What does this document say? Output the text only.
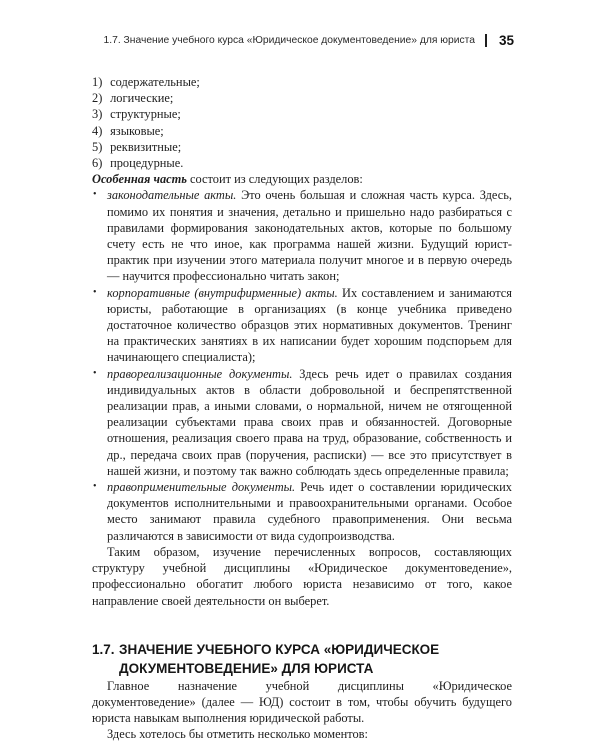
1.7. Значение учебного курса «Юридическое документоведение» для юриста 35
1) содержательные;
2) логические;
3) структурные;
4) языковые;
5) реквизитные;
6) процедурные.

Особенная часть состоит из следующих разделов:

• законодательные акты. Это очень большая и сложная часть курса. Здесь, помимо их понятия и значения, детально и пришельно надо разбираться с правилами формирования законодательных актов, которые по большому счету есть не что иное, как программа нашей жизни. Будущий юрист-практик при изучении этого материала получит многое и в первую очередь — научится профессионально читать закон;
• корпоративные (внутрифирменные) акты. Их составлением и занимаются юристы, работающие в организациях (в конце учебника приведено достаточное количество образцов этих нормативных документов. Тренинг на практических занятиях в их написании будет хорошим подспорьем для начинающего специалиста);
• правореализационные документы. Здесь речь идет о правилах создания индивидуальных актов в области добровольной и беспрепятственной реализации прав, а иными словами, о нормальной, ничем не отягощенной реализации субъектами права своих прав и обязанностей. Договорные отношения, реализация своего права на труд, образование, собственность и др., передача своих прав (поручения, расписки) — все это присутствует в нашей жизни, и поэтому так важно соблюдать здесь определенные правила;
• правоприменительные документы. Речь идет о составлении юридических документов исполнительными и правоохранительными органами. Особое место занимают правила судебного правоприменения. Они весьма различаются в зависимости от вида судопроизводства.

Таким образом, изучение перечисленных вопросов, составляющих структуру учебной дисциплины «Юридическое документоведение», профессионально обогатит любого юриста независимо от того, какое направление своей деятельности он выберет.

1.7. ЗНАЧЕНИЕ УЧЕБНОГО КУРСА «ЮРИДИЧЕСКОЕ
ДОКУМЕНТОВЕДЕНИЕ» ДЛЯ ЮРИСТА

Главное назначение учебной дисциплины «Юридическое документоведение» (далее — ЮД) состоит в том, чтобы обучить будущего юриста навыкам выполнения юридической работы.

Здесь хотелось бы отметить несколько моментов:
